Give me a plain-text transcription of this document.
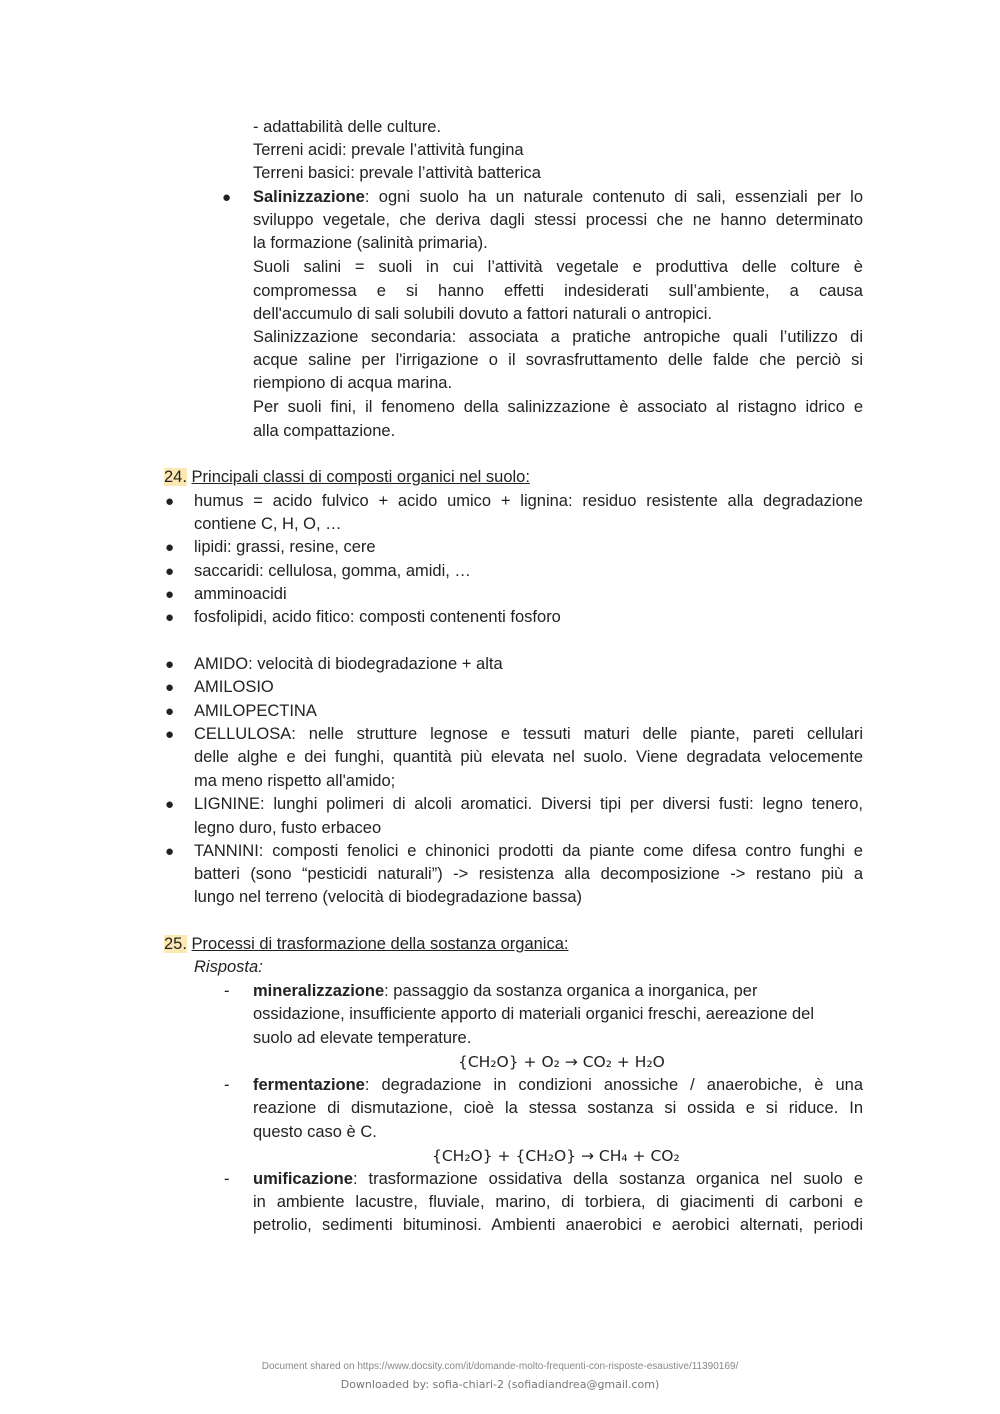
- adattabilità delle culture.
Terreni acidi: prevale l’attività fungina
Terreni basici: prevale l’attività batterica
● Salinizzazione: ogni suolo ha un naturale contenuto di sali, essenziali per lo
sviluppo vegetale, che deriva dagli stessi processi che ne hanno determinato
la formazione (salinità primaria).
Suoli salini = suoli in cui l’attività vegetale e produttiva delle colture è
compromessa e si hanno effetti indesiderati sull’ambiente, a causa
dell'accumulo di sali solubili dovuto a fattori naturali o antropici.
Salinizzazione secondaria: associata a pratiche antropiche quali l’utilizzo di
acque saline per l'irrigazione o il sovrasfruttamento delle falde che perciò si
riempiono di acqua marina.
Per suoli fini, il fenomeno della salinizzazione è associato al ristagno idrico e
alla compattazione.
24. Principali classi di composti organici nel suolo:
● humus = acido fulvico + acido umico + lignina: residuo resistente alla degradazione
contiene C, H, O, …
● lipidi: grassi, resine, cere
● saccaridi: cellulosa, gomma, amidi, …
● amminoacidi
● fosfolipidi, acido fitico: composti contenenti fosforo
● AMIDO: velocità di biodegradazione + alta
● AMILOSIO
● AMILOPECTINA
● CELLULOSA: nelle strutture legnose e tessuti maturi delle piante, pareti cellulari
delle alghe e dei funghi, quantità più elevata nel suolo. Viene degradata velocemente
ma meno rispetto all'amido;
● LIGNINE: lunghi polimeri di alcoli aromatici. Diversi tipi per diversi fusti: legno tenero,
legno duro, fusto erbaceo
● TANNINI: composti fenolici e chinonici prodotti da piante come difesa contro funghi e
batteri (sono “pesticidi naturali”) -> resistenza alla decomposizione -> restano più a
lungo nel terreno (velocità di biodegradazione bassa)
25. Processi di trasformazione della sostanza organica:
Risposta:
- mineralizzazione: passaggio da sostanza organica a inorganica, per
ossidazione, insufficiente apporto di materiali organici freschi, aereazione del
suolo ad elevate temperature.
{CH₂O} + O₂ → CO₂ + H₂O
- fermentazione: degradazione in condizioni anossiche / anaerobiche, è una
reazione di dismutazione, cioè la stessa sostanza si ossida e si riduce. In
questo caso è C.
{CH₂O} + {CH₂O} → CH₄ + CO₂
- umificazione: trasformazione ossidativa della sostanza organica nel suolo e
in ambiente lacustre, fluviale, marino, di torbiera, di giacimenti di carboni e
petrolio, sedimenti bituminosi. Ambienti anaerobici e aerobici alternati, periodi
Document shared on https://www.docsity.com/it/domande-molto-frequenti-con-risposte-esaustive/11390169/
Downloaded by: sofia-chiari-2 (sofiadiandrea@gmail.com)
